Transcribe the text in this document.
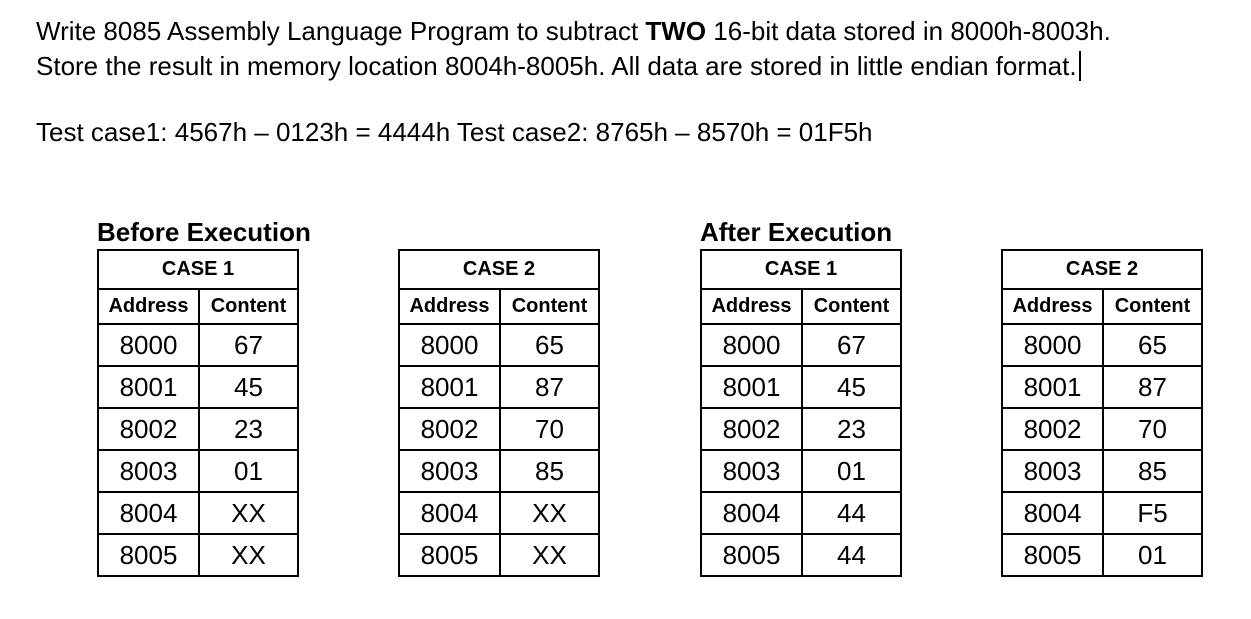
Write 8085 Assembly Language Program to subtract TWO 16-bit data stored in 8000h-8003h.
Store the result in memory location 8004h-8005h. All data are stored in little endian format.
Test case1: 4567h – 0123h = 4444h Test case2: 8765h – 8570h = 01F5h
Before Execution	After Execution
CASE 1	
Address	Content
8000	67
8001	45
8002	23
8003	01
8004	XX
8005	XX
CASE 2	
Address	Content
8000	65
8001	87
8002	70
8003	85
8004	XX
8005	XX
CASE 1	
Address	Content
8000	67
8001	45
8002	23
8003	01
8004	44
8005	44
CASE 2	
Address	Content
8000	65
8001	87
8002	70
8003	85
8004	F5
8005	01
